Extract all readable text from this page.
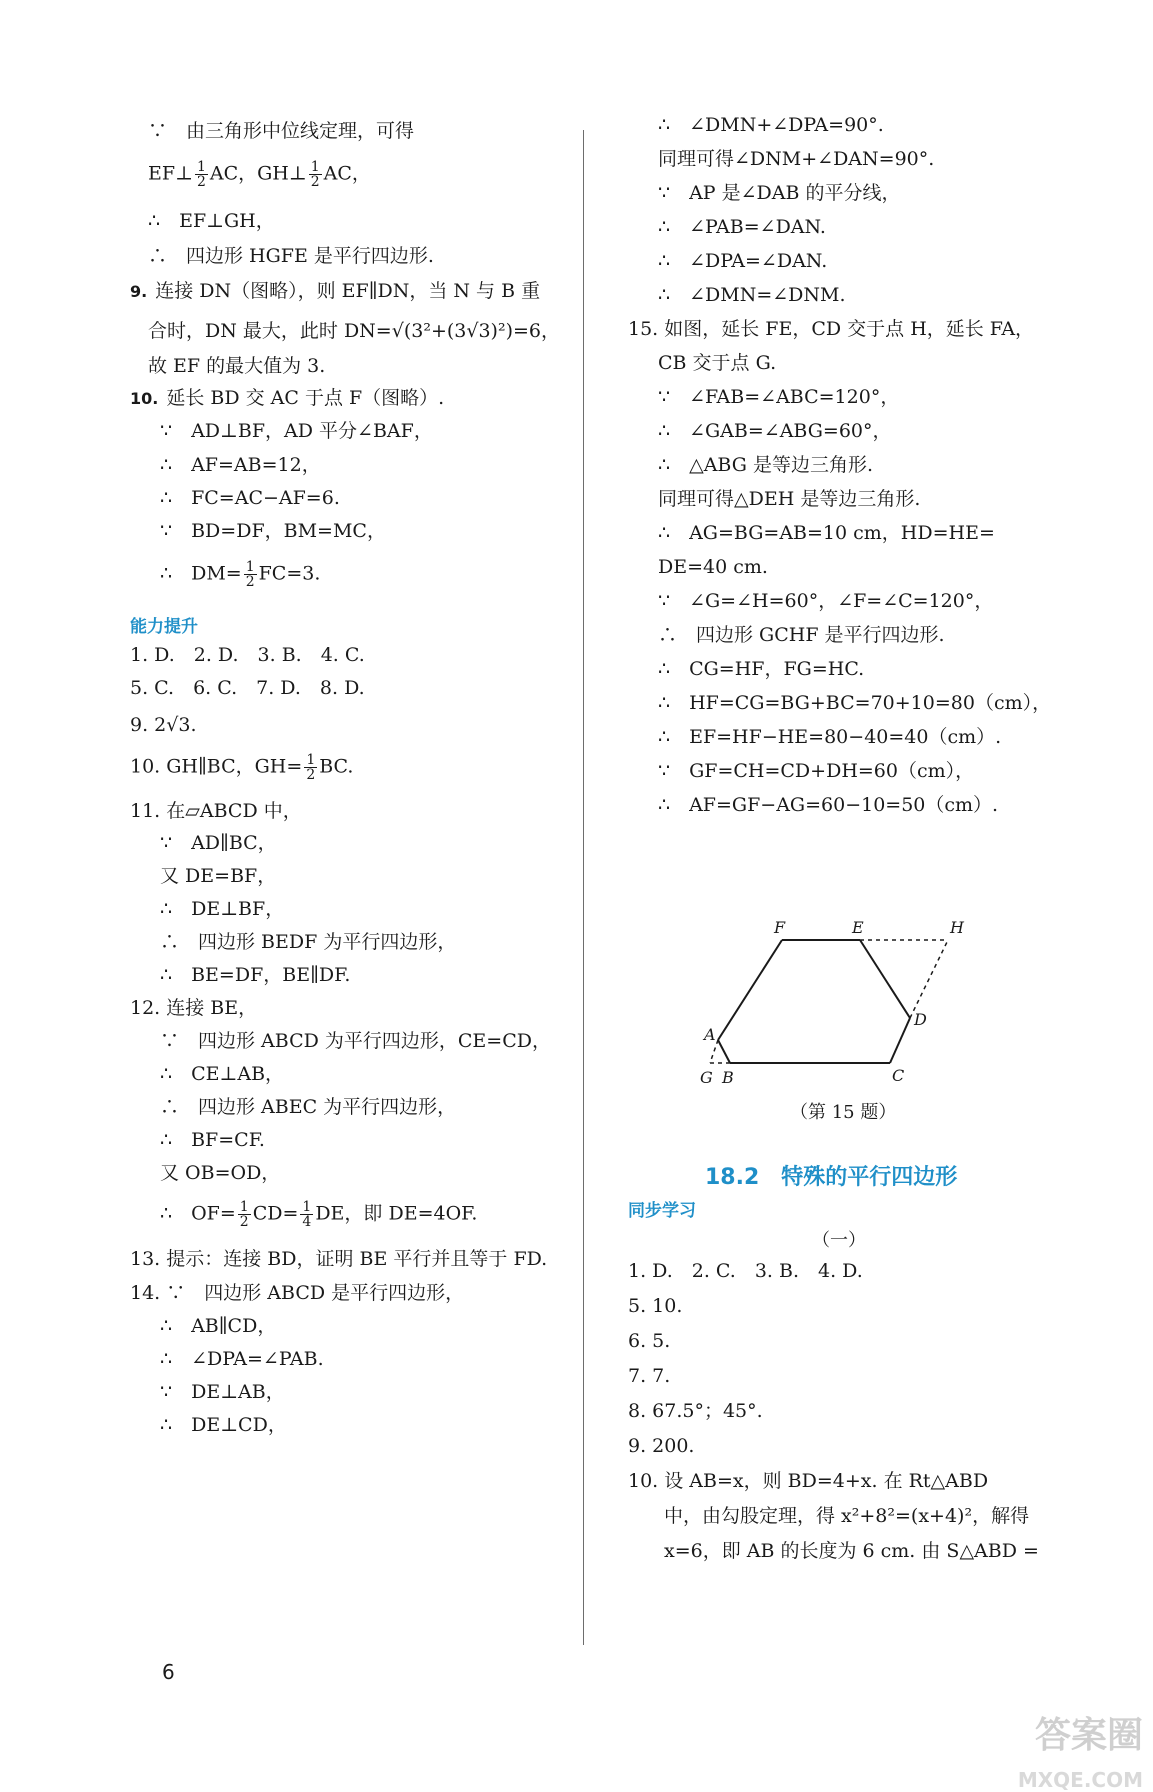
∵　由三角形中位线定理，可得
EF⊥ $\frac{1}{2}$ AC，GH⊥ $\frac{1}{2}$ AC，
∴　EF⊥GH，
∴　四边形 HGFE 是平行四边形.
9. 连接 DN（图略），则 EF∥DN，当 N 与 B 重
合时，DN 最大，此时 DN=√(3²+(3√3)²)=6，
故 EF 的最大值为 3.
10. 延长 BD 交 AC 于点 F（图略）.
∵　AD⊥BF，AD 平分∠BAF，
∴　AF=AB=12，
∴　FC=AC−AF=6.
∵　BD=DF，BM=MC，
∴　$DM= \frac{1}{2} FC=3$.
能力提升
1. D.　2. D.　3. B.　4. C.
5. C.　6. C.　7. D.　8. D.
9. 2√3.
10. GH∥BC，$GH= \frac{1}{2}$ BC.
11. 在▱ABCD 中，
∵　AD∥BC，
又 DE=BF，
∴　DE⊥BF，
∴　四边形 BEDF 为平行四边形，
∴　BE=DF，BE∥DF.
12. 连接 BE，
∵　四边形 ABCD 为平行四边形，CE=CD，
∴　CE⊥AB，
∴　四边形 ABEC 为平行四边形，
∴　BF=CF.
又 OB=OD，
∴　$OF= \frac{1}{2} CD= \frac{1}{4}$ DE，即 DE=4OF.
13. 提示：连接 BD，证明 BE 平行并且等于 FD.
14. ∵　四边形 ABCD 是平行四边形，
∴　AB∥CD，
∴　∠DPA=∠PAB.
∵　DE⊥AB，
∴　DE⊥CD，
∴　∠DMN+∠DPA=90°.
同理可得∠DNM+∠DAN=90°.
∵　AP 是∠DAB 的平分线，
∴　∠PAB=∠DAN.
∴　∠DPA=∠DAN.
∴　∠DMN=∠DNM.
15. 如图，延长 FE，CD 交于点 H，延长 FA，
CB 交于点 G.
∵　∠FAB=∠ABC=120°，
∴　∠GAB=∠ABG=60°，
∴　△ABG 是等边三角形.
同理可得△DEH 是等边三角形.
∴　AG=BG=AB=10 cm，HD=HE=
DE=40 cm.
∵　∠G=∠H=60°，∠F=∠C=120°，
∴　四边形 GCHF 是平行四边形.
∴　CG=HF，FG=HC.
∴　HF=CG=BG+BC=70+10=80（cm），
∴　EF=HF−HE=80−40=40（cm）.
∵　GF=CH=CD+DH=60（cm），
∴　AF=GF−AG=60−10=50（cm）.
F	E	H
D
A
G B	C
（第 15 题）
18.2　特殊的平行四边形
同步学习
（一）
1. D.　2. C.　3. B.　4. D.
5. 10.
6. 5.
7. 7.
8. 67.5°；45°.
9. 200.
10. 设 AB=x，则 BD=4+x. 在 Rt△ABD
中，由勾股定理，得 x²+8²=(x+4)²，解得
x=6，即 AB 的长度为 6 cm. 由 S△ABD =
6
答案圈
MXQE.COM
